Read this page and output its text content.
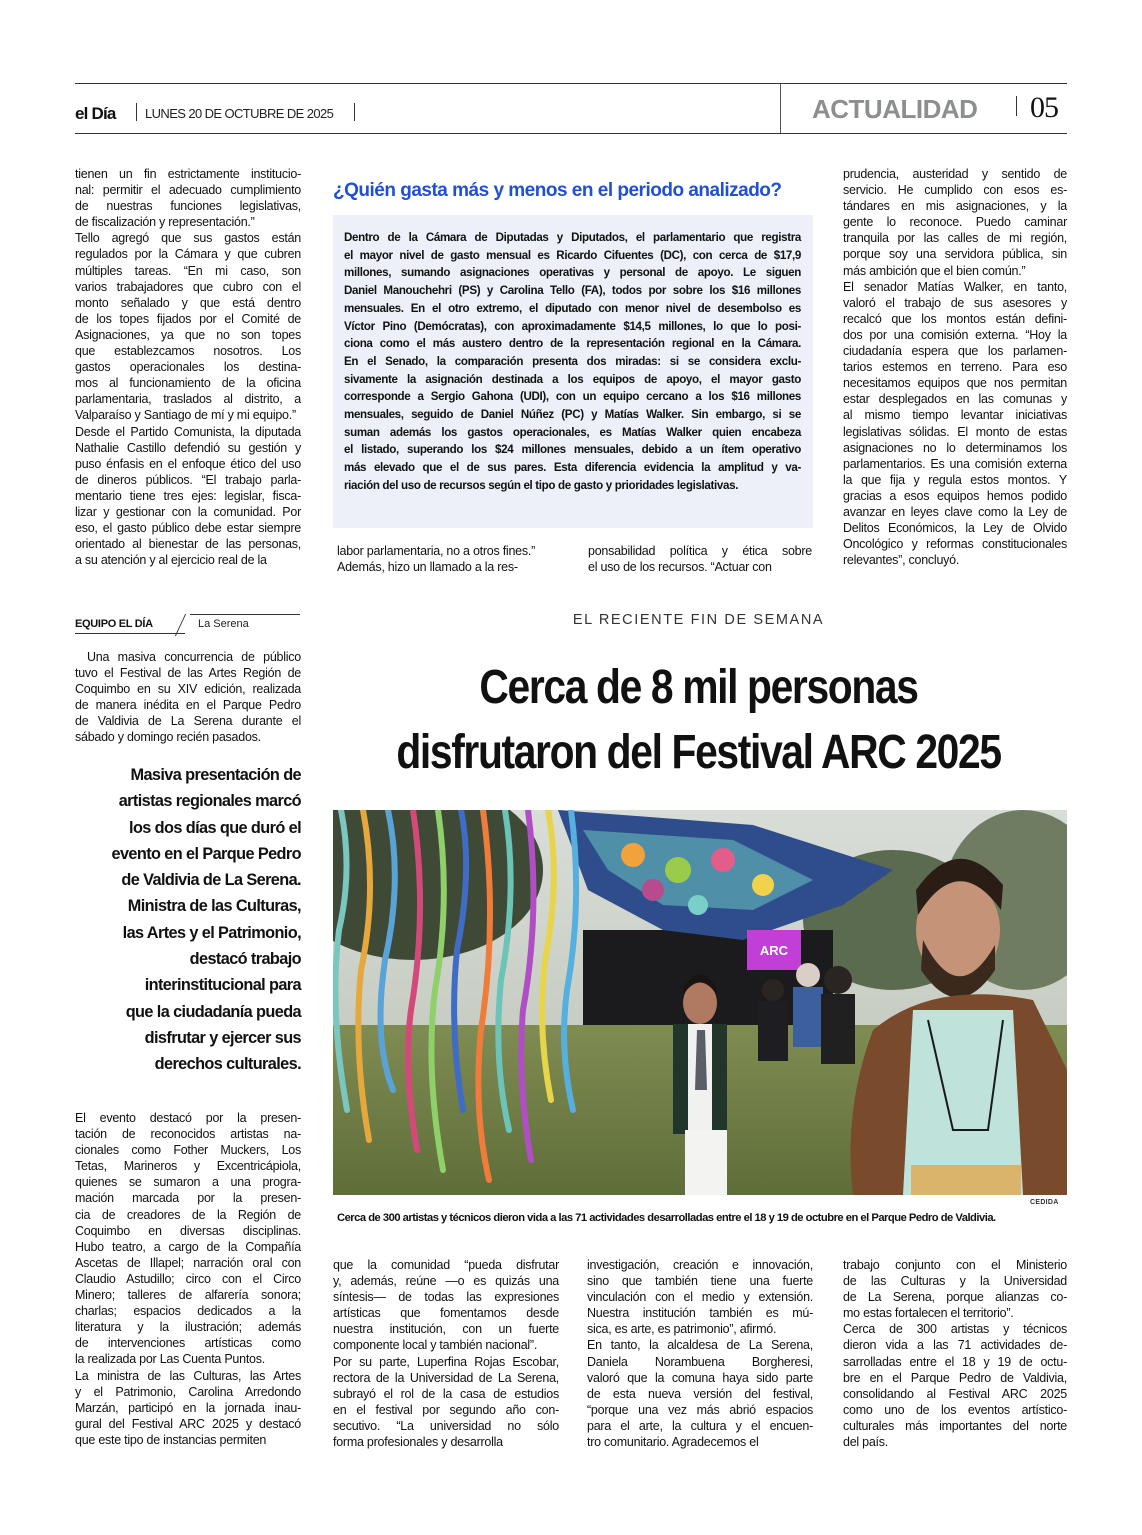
el Día LUNES 20 DE OCTUBRE DE 2025	ACTUALIDAD 05
tienen un fin estrictamente institucio-
nal: permitir el adecuado cumplimiento
de nuestras funciones legislativas,
de fiscalización y representación.”
Tello agregó que sus gastos están
regulados por la Cámara y que cubren
múltiples tareas. “En mi caso, son
varios trabajadores que cubro con el
monto señalado y que está dentro
de los topes fijados por el Comité de
Asignaciones, ya que no son topes
que establezcamos nosotros. Los
gastos operacionales los destina-
mos al funcionamiento de la oficina
parlamentaria, traslados al distrito, a
Valparaíso y Santiago de mí y mi equipo.”
Desde el Partido Comunista, la diputada
Nathalie Castillo defendió su gestión y
puso énfasis en el enfoque ético del uso
de dineros públicos. “El trabajo parla-
mentario tiene tres ejes: legislar, fisca-
lizar y gestionar con la comunidad. Por
eso, el gasto público debe estar siempre
orientado al bienestar de las personas,
a su atención y al ejercicio real de la
¿Quién gasta más y menos en el periodo analizado?
Dentro de la Cámara de Diputadas y Diputados, el parlamentario que registra
el mayor nivel de gasto mensual es Ricardo Cifuentes (DC), con cerca de $17,9
millones, sumando asignaciones operativas y personal de apoyo. Le siguen
Daniel Manouchehri (PS) y Carolina Tello (FA), todos por sobre los $16 millones
mensuales. En el otro extremo, el diputado con menor nivel de desembolso es
Víctor Pino (Demócratas), con aproximadamente $14,5 millones, lo que lo posi-
ciona como el más austero dentro de la representación regional en la Cámara.
En el Senado, la comparación presenta dos miradas: si se considera exclu-
sivamente la asignación destinada a los equipos de apoyo, el mayor gasto
corresponde a Sergio Gahona (UDI), con un equipo cercano a los $16 millones
mensuales, seguido de Daniel Núñez (PC) y Matías Walker. Sin embargo, si se
suman además los gastos operacionales, es Matías Walker quien encabeza
el listado, superando los $24 millones mensuales, debido a un ítem operativo
más elevado que el de sus pares. Esta diferencia evidencia la amplitud y va-
riación del uso de recursos según el tipo de gasto y prioridades legislativas.
labor parlamentaria, no a otros fines.”
Además, hizo un llamado a la res-
ponsabilidad política y ética sobre
el uso de los recursos. “Actuar con
prudencia, austeridad y sentido de
servicio. He cumplido con esos es-
tándares en mis asignaciones, y la
gente lo reconoce. Puedo caminar
tranquila por las calles de mi región,
porque soy una servidora pública, sin
más ambición que el bien común.”
El senador Matías Walker, en tanto,
valoró el trabajo de sus asesores y
recalcó que los montos están defini-
dos por una comisión externa. “Hoy la
ciudadanía espera que los parlamen-
tarios estemos en terreno. Para eso
necesitamos equipos que nos permitan
estar desplegados en las comunas y
al mismo tiempo levantar iniciativas
legislativas sólidas. El monto de estas
asignaciones no lo determinamos los
parlamentarios. Es una comisión externa
la que fija y regula estos montos. Y
gracias a esos equipos hemos podido
avanzar en leyes clave como la Ley de
Delitos Económicos, la Ley de Olvido
Oncológico y reformas constitucionales
relevantes”, concluyó.
EQUIPO EL DÍA	La Serena
Una masiva concurrencia de público
tuvo el Festival de las Artes Región de
Coquimbo en su XIV edición, realizada
de manera inédita en el Parque Pedro
de Valdivia de La Serena durante el
sábado y domingo recién pasados.
EL RECIENTE FIN DE SEMANA
Cerca de 8 mil personas
disfrutaron del Festival ARC 2025
Masiva presentación de
artistas regionales marcó
los dos días que duró el
evento en el Parque Pedro
de Valdivia de La Serena.
Ministra de las Culturas,
las Artes y el Patrimonio,
destacó trabajo
interinstitucional para
que la ciudadanía pueda
disfrutar y ejercer sus
derechos culturales.
ARC
CEDIDA
Cerca de 300 artistas y técnicos dieron vida a las 71 actividades desarrolladas entre el 18 y 19 de octubre en el Parque Pedro de Valdivia.
El evento destacó por la presen-
tación de reconocidos artistas na-
cionales como Fother Muckers, Los
Tetas, Marineros y Excentricápiola,
quienes se sumaron a una progra-
mación marcada por la presen-
cia de creadores de la Región de
Coquimbo en diversas disciplinas.
Hubo teatro, a cargo de la Compañía
Ascetas de Illapel; narración oral con
Claudio Astudillo; circo con el Circo
Minero; talleres de alfarería sonora;
charlas; espacios dedicados a la
literatura y la ilustración; además
de intervenciones artísticas como
la realizada por Las Cuenta Puntos.
La ministra de las Culturas, las Artes
y el Patrimonio, Carolina Arredondo
Marzán, participó en la jornada inau-
gural del Festival ARC 2025 y destacó
que este tipo de instancias permiten
que la comunidad “pueda disfrutar
y, además, reúne —o es quizás una
síntesis— de todas las expresiones
artísticas que fomentamos desde
nuestra institución, con un fuerte
componente local y también nacional”.
Por su parte, Luperfina Rojas Escobar,
rectora de la Universidad de La Serena,
subrayó el rol de la casa de estudios
en el festival por segundo año con-
secutivo. “La universidad no sólo
forma profesionales y desarrolla
investigación, creación e innovación,
sino que también tiene una fuerte
vinculación con el medio y extensión.
Nuestra institución también es mú-
sica, es arte, es patrimonio”, afirmó.
En tanto, la alcaldesa de La Serena,
Daniela Norambuena Borgheresi,
valoró que la comuna haya sido parte
de esta nueva versión del festival,
“porque una vez más abrió espacios
para el arte, la cultura y el encuen-
tro comunitario. Agradecemos el
trabajo conjunto con el Ministerio
de las Culturas y la Universidad
de La Serena, porque alianzas co-
mo estas fortalecen el territorio”.
Cerca de 300 artistas y técnicos
dieron vida a las 71 actividades de-
sarrolladas entre el 18 y 19 de octu-
bre en el Parque Pedro de Valdivia,
consolidando al Festival ARC 2025
como uno de los eventos artístico-
culturales más importantes del norte
del país.
